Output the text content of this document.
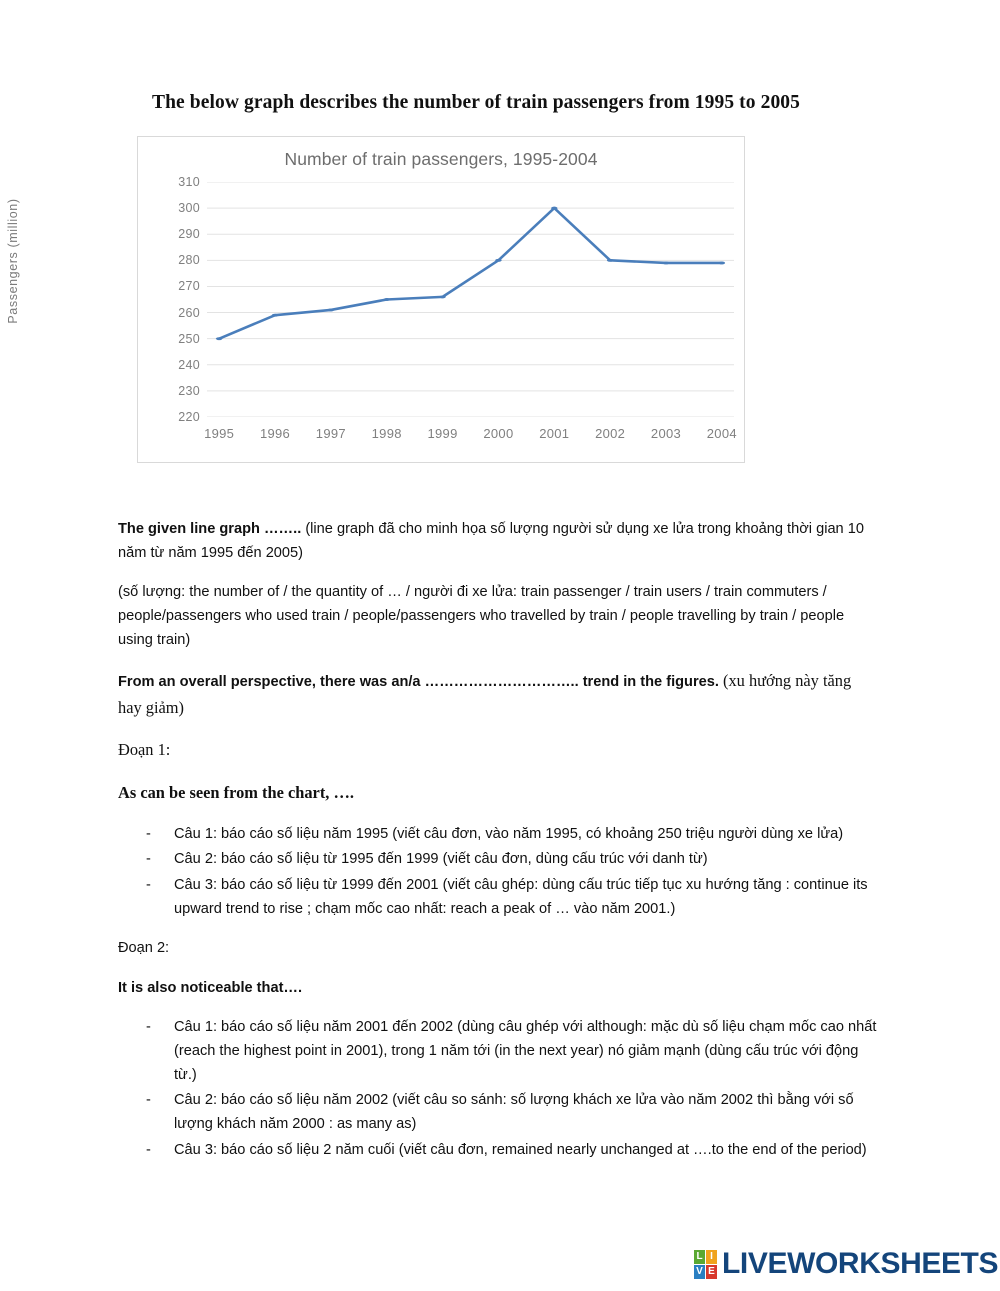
The below graph describes the number of train passengers from 1995 to 2005
Number of train passengers, 1995-2004
Passengers (million)
310
300
290
280
270
260
250
240
230
220
1995 1996 1997 1998 1999 2000 2001 2002 2003 2004

The given line graph …….. (line graph đã cho minh họa số lượng người sử dụng xe lửa trong khoảng thời gian 10 năm từ năm 1995 đến 2005)

(số lượng: the number of / the quantity of … / người đi xe lửa: train passenger / train users / train commuters / people/passengers who used train / people/passengers who travelled by train / people travelling by train / people using train)

From an overall perspective, there was an/a ………………………….. trend in the figures. (xu hướng này tăng hay giảm)

Đoạn 1:

As can be seen from the chart, ….

- Câu 1: báo cáo số liệu năm 1995 (viết câu đơn, vào năm 1995, có khoảng 250 triệu người dùng xe lửa)
- Câu 2: báo cáo số liệu từ 1995 đến 1999 (viết câu đơn, dùng cấu trúc với danh từ)
- Câu 3: báo cáo số liệu từ 1999 đến 2001 (viết câu ghép: dùng cấu trúc tiếp tục xu hướng tăng : continue its upward trend to rise ; chạm mốc cao nhất: reach a peak of … vào năm 2001.)

Đoạn 2:

It is also noticeable that….

- Câu 1: báo cáo số liệu năm 2001 đến 2002 (dùng câu ghép với although: mặc dù số liệu chạm mốc cao nhất (reach the highest point in 2001), trong 1 năm tới (in the next year) nó giảm mạnh (dùng cấu trúc với động từ.)
- Câu 2: báo cáo số liệu năm 2002 (viết câu so sánh: số lượng khách xe lửa vào năm 2002 thì bằng với số lượng khách năm 2000 : as many as)
- Câu 3: báo cáo số liệu 2 năm cuối (viết câu đơn, remained nearly unchanged at ….to the end of the period)
L I
V E LIVEWORKSHEETS
